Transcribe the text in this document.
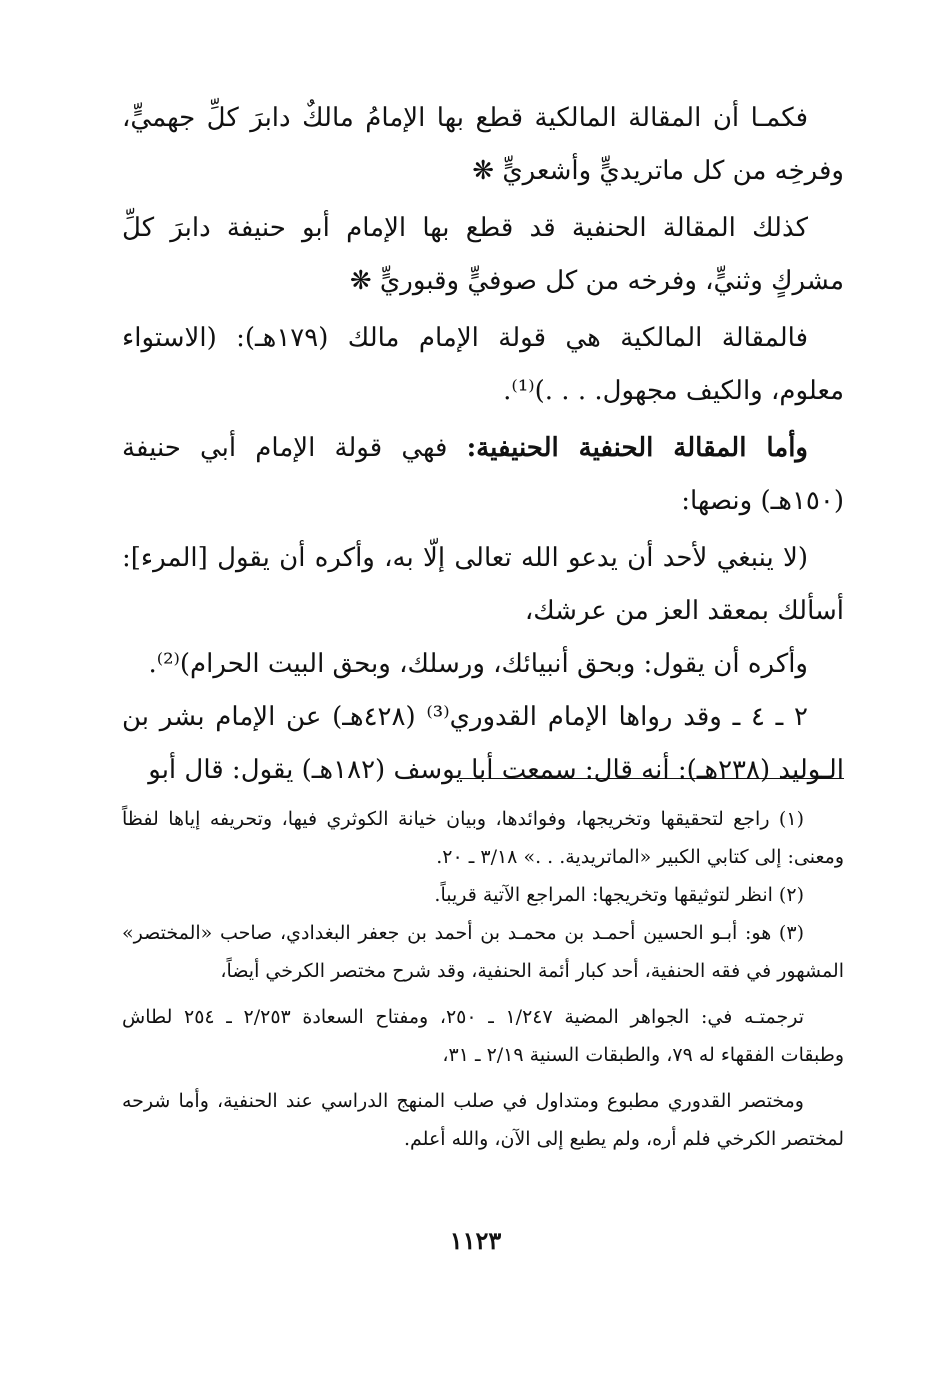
فكمـا أن المقالة المالكية قطع بها الإمامُ مالكٌ دابرَ كلِّ جهميٍّ، وفرخِه من كل ماتريديٍّ وأشعريٍّ ❋

كذلك المقالة الحنفية قد قطع بها الإمام أبو حنيفة دابرَ كلِّ مشركٍ وثنيٍّ، وفرخه من كل صوفيٍّ وقبوريٍّ ❋

فالمقالة المالكية هي قولة الإمام مالك (١٧٩هـ): (الاستواء معلوم، والكيف مجهول. . . .)⁽¹⁾.

وأما المقالة الحنفية الحنيفية: فهي قولة الإمام أبي حنيفة (١٥٠هـ) ونصها:

(لا ينبغي لأحد أن يدعو الله تعالى إلّا به، وأكره أن يقول [المرء]: أسألك بمعقد العز من عرشك،

وأكره أن يقول: وبحق أنبيائك، ورسلك، وبحق البيت الحرام)⁽²⁾.

٢ ـ ٤ ـ وقد رواها الإمام القدوري⁽³⁾ (٤٢٨هـ) عن الإمام بشر بن الـوليد (٢٣٨هـ): أنه قال: سمعت أبا يوسف (١٨٢هـ) يقول: قال أبو

(١) راجع لتحقيقها وتخريجها، وفوائدها، وبيان خيانة الكوثري فيها، وتحريفه إياها لفظاً ومعنى: إلى كتابي الكبير «الماتريدية. . .» ٣/١٨ ـ ٢٠.

(٢) انظر لتوثيقها وتخريجها: المراجع الآتية قريباً.

(٣) هو: أبـو الحسين أحمـد بن محمـد بن أحمد بن جعفر البغدادي، صاحب «المختصر» المشهور في فقه الحنفية، أحد كبار أئمة الحنفية، وقد شرح مختصر الكرخي أيضاً،

ترجمتـه في: الجواهر المضية ١/٢٤٧ ـ ٢٥٠، ومفتاح السعادة ٢/٢٥٣ ـ ٢٥٤ لطاش وطبقات الفقهاء له ٧٩، والطبقات السنية ٢/١٩ ـ ٣١،

ومختصر القدوري مطبوع ومتداول في صلب المنهج الدراسي عند الحنفية، وأما شرحه لمختصر الكرخي فلم أره، ولم يطبع إلى الآن، والله أعلم.

١١٢٣
